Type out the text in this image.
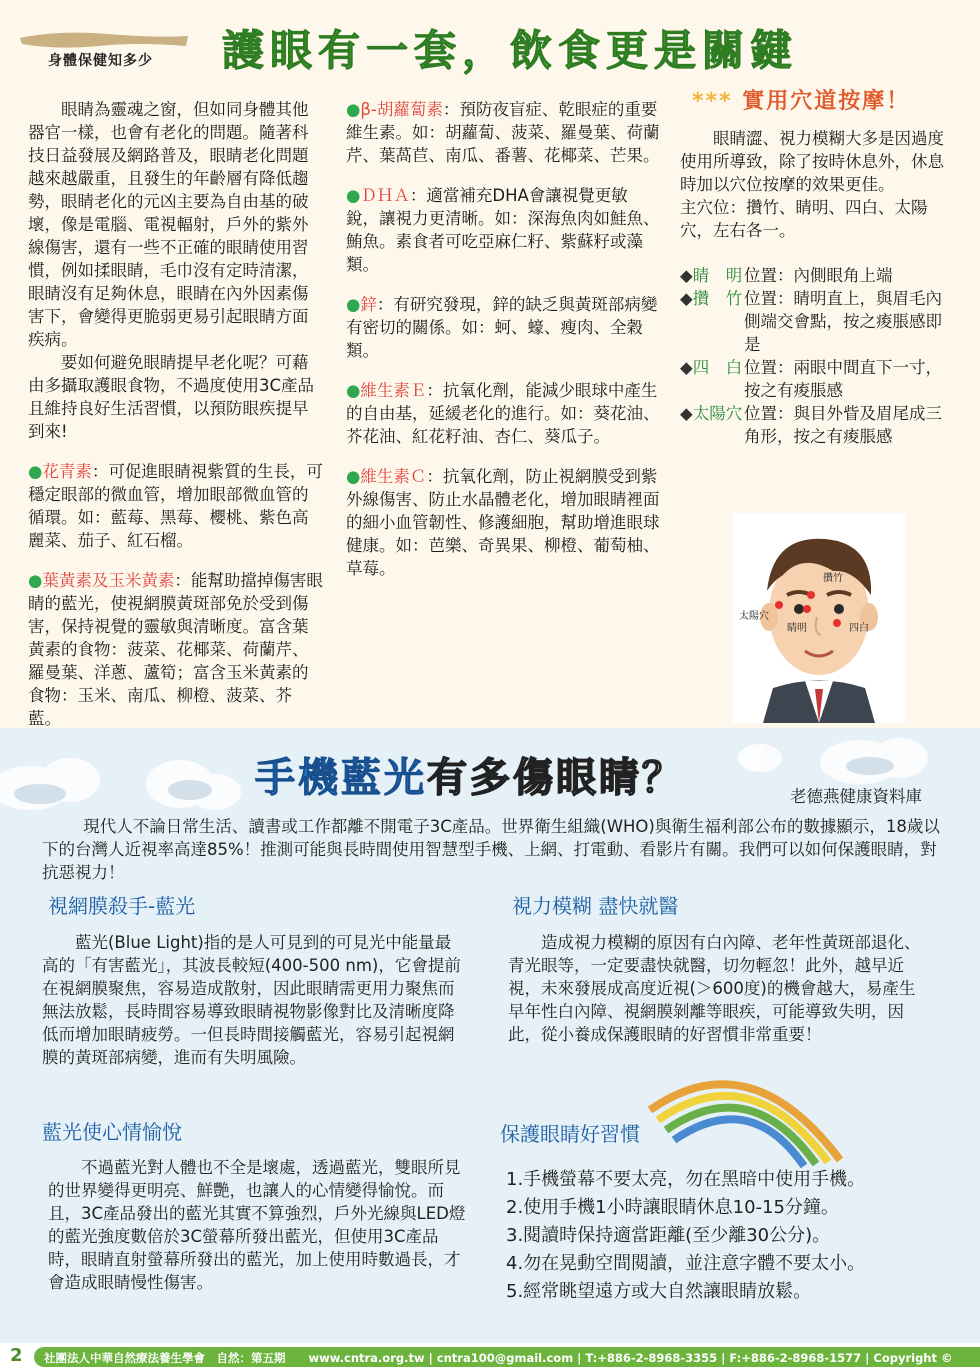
身體保健知多少 護眼有一套，飲食更是關鍵

眼睛為靈魂之窗，但如同身體其他器官一樣，也會有老化的問題。隨著科技日益發展及網路普及，眼睛老化問題越來越嚴重，且發生的年齡層有降低趨勢，眼睛老化的元凶主要為自由基的破壞，像是電腦、電視輻射，戶外的紫外線傷害，還有一些不正確的眼睛使用習慣，例如揉眼睛，毛巾沒有定時清潔，眼睛沒有足夠休息，眼睛在內外因素傷害下，會變得更脆弱更易引起眼睛方面疾病。

要如何避免眼睛提早老化呢？可藉由多攝取護眼食物，不過度使用3C產品且維持良好生活習慣，以預防眼疾提早到來!

●花青素：可促進眼睛視紫質的生長，可穩定眼部的微血管，增加眼部微血管的循環。如：藍莓、黑莓、櫻桃、紫色高麗菜、茄子、紅石榴。

●葉黃素及玉米黃素：能幫助擋掉傷害眼睛的藍光，使視網膜黃斑部免於受到傷害，保持視覺的靈敏與清晰度。富含葉黃素的食物：菠菜、花椰菜、荷蘭芹、羅曼葉、洋蔥、蘆筍；富含玉米黃素的食物：玉米、南瓜、柳橙、菠菜、芥藍。

●β-胡蘿蔔素：預防夜盲症、乾眼症的重要維生素。如：胡蘿蔔、菠菜、羅曼葉、荷蘭芹、葉萵苣、南瓜、番薯、花椰菜、芒果。

●ＤＨＡ：適當補充DHA會讓視覺更敏銳，讓視力更清晰。如：深海魚肉如鮭魚、鮪魚。素食者可吃亞麻仁籽、紫蘇籽或藻類。

●鋅：有研究發現，鋅的缺乏與黃斑部病變有密切的關係。如：蚵、蠔、瘦肉、全穀類。

●維生素Ｅ：抗氧化劑，能減少眼球中產生的自由基，延緩老化的進行。如：葵花油、芥花油、紅花籽油、杏仁、葵瓜子。

●維生素Ｃ：抗氧化劑，防止視網膜受到紫外線傷害、防止水晶體老化，增加眼睛裡面的細小血管韌性、修護細胞，幫助增進眼球健康。如：芭樂、奇異果、柳橙、葡萄柚、草莓。

*** 實用穴道按摩！

眼睛澀、視力模糊大多是因過度使用所導致，除了按時休息外，休息時加以穴位按摩的效果更佳。

主穴位：攢竹、睛明、四白、太陽穴，左右各一。

◆睛　明 位置：內側眼角上端
◆攢　竹 位置：睛明直上，與眉毛內側端交會點，按之痠脹感即是
◆四　白 位置：兩眼中間直下一寸，按之有痠脹感
◆太陽穴 位置：與目外眥及眉尾成三角形，按之有痠脹感
攢竹
太陽穴
睛明	四白
手機藍光有多傷眼睛？	老德燕健康資料庫

現代人不論日常生活、讀書或工作都離不開電子3C產品。世界衛生組織(WHO)與衛生福利部公布的數據顯示，18歲以下的台灣人近視率高達85%！推測可能與長時間使用智慧型手機、上網、打電動、看影片有關。我們可以如何保護眼睛，對抗惡視力！

視網膜殺手-藍光

藍光(Blue Light)指的是人可見到的可見光中能量最高的「有害藍光」，其波長較短(400-500 nm)，它會提前在視網膜聚焦，容易造成散射，因此眼睛需更用力聚焦而無法放鬆，長時間容易導致眼睛視物影像對比及清晰度降低而增加眼睛疲勞。一但長時間接觸藍光，容易引起視網膜的黃斑部病變，進而有失明風險。

視力模糊 盡快就醫

造成視力模糊的原因有白內障、老年性黃斑部退化、青光眼等，一定要盡快就醫，切勿輕忽！此外，越早近視，未來發展成高度近視(＞600度)的機會越大，易產生早年性白內障、視網膜剝離等眼疾，可能導致失明，因此，從小養成保護眼睛的好習慣非常重要！

藍光使心情愉悅

不過藍光對人體也不全是壞處，透過藍光，雙眼所見的世界變得更明亮、鮮艷，也讓人的心情變得愉悅。而且，3C產品發出的藍光其實不算強烈，戶外光線與LED燈的藍光強度數倍於3C螢幕所發出藍光，但使用3C產品時，眼睛直射螢幕所發出的藍光，加上使用時數過長，才會造成眼睛慢性傷害。

保護眼睛好習慣
1.手機螢幕不要太亮，勿在黑暗中使用手機。
2.使用手機1小時讓眼睛休息10-15分鐘。
3.閱讀時保持適當距離(至少離30公分)。
4.勿在晃動空間閱讀，並注意字體不要太小。
5.經常眺望遠方或大自然讓眼睛放鬆。
2 社團法人中華自然療法養生學會　自然：第五期　　www.cntra.org.tw | cntra100@gmail.com | T:+886-2-8968-3355 | F:+886-2-8968-1577 | Copyright ©
